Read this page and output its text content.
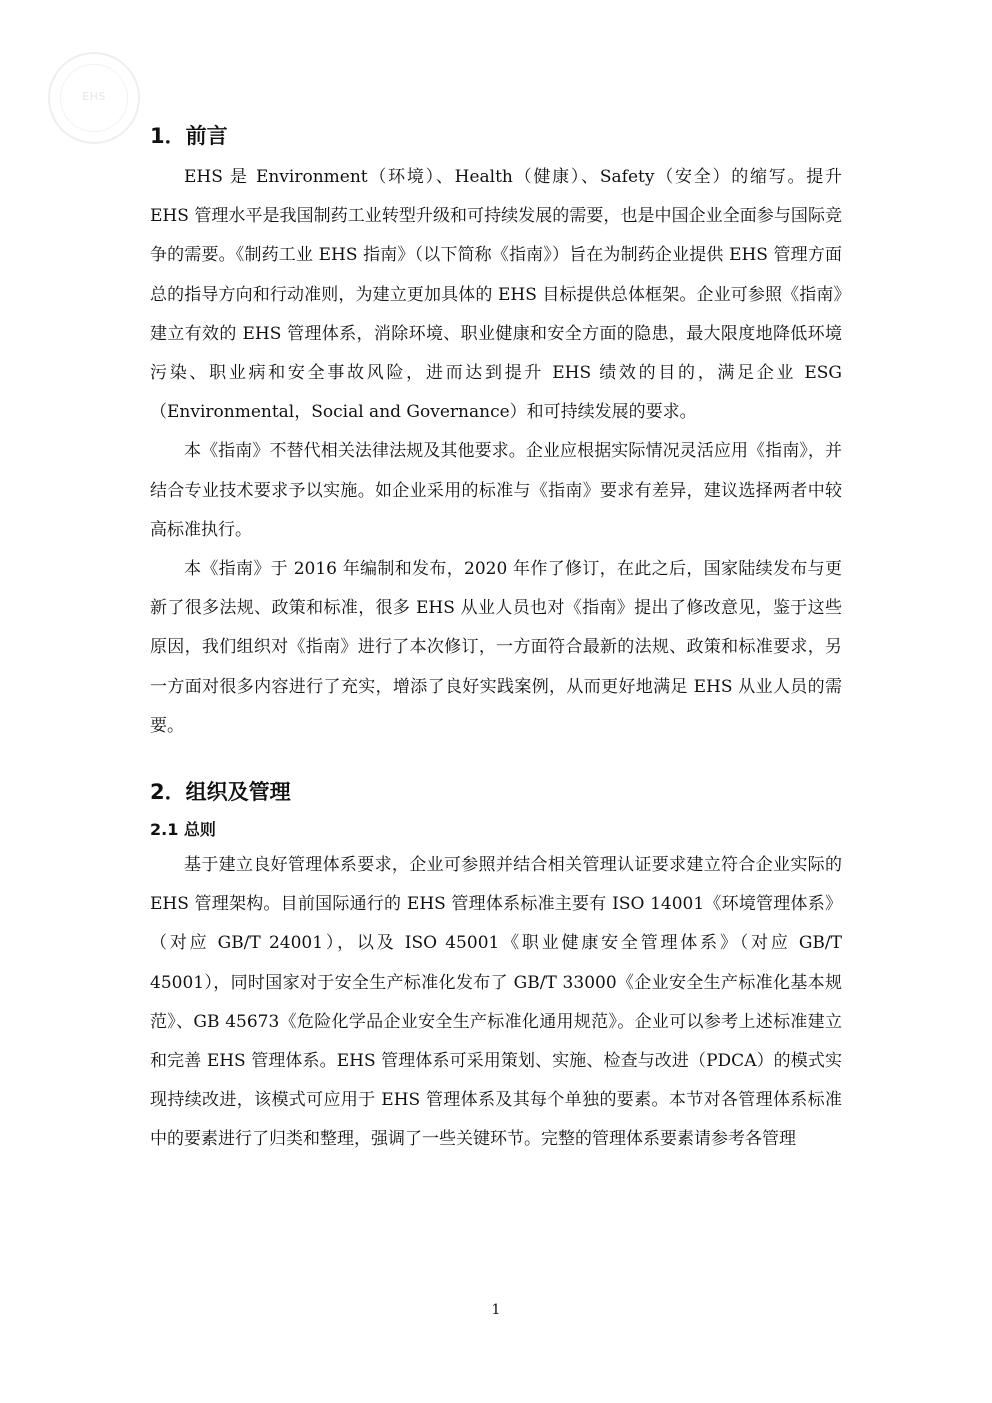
EHS
1．前言

EHS 是 Environment（环境）、Health（健康）、Safety（安全）的缩写。提升 EHS 管理水平是我国制药工业转型升级和可持续发展的需要，也是中国企业全面参与国际竞争的需要。《制药工业 EHS 指南》（以下简称《指南》）旨在为制药企业提供 EHS 管理方面总的指导方向和行动准则，为建立更加具体的 EHS 目标提供总体框架。企业可参照《指南》建立有效的 EHS 管理体系，消除环境、职业健康和安全方面的隐患，最大限度地降低环境污染、职业病和安全事故风险，进而达到提升 EHS 绩效的目的，满足企业 ESG（Environmental，Social and Governance）和可持续发展的要求。

本《指南》不替代相关法律法规及其他要求。企业应根据实际情况灵活应用《指南》，并结合专业技术要求予以实施。如企业采用的标准与《指南》要求有差异，建议选择两者中较高标准执行。

本《指南》于 2016 年编制和发布，2020 年作了修订，在此之后，国家陆续发布与更新了很多法规、政策和标准，很多 EHS 从业人员也对《指南》提出了修改意见，鉴于这些原因，我们组织对《指南》进行了本次修订，一方面符合最新的法规、政策和标准要求，另一方面对很多内容进行了充实，增添了良好实践案例，从而更好地满足 EHS 从业人员的需要。

2．组织及管理
2.1 总则

基于建立良好管理体系要求，企业可参照并结合相关管理认证要求建立符合企业实际的 EHS 管理架构。目前国际通行的 EHS 管理体系标准主要有 ISO 14001《环境管理体系》（对应 GB/T 24001），以及 ISO 45001《职业健康安全管理体系》（对应 GB/T 45001），同时国家对于安全生产标准化发布了 GB/T 33000《企业安全生产标准化基本规范》、GB 45673《危险化学品企业安全生产标准化通用规范》。企业可以参考上述标准建立和完善 EHS 管理体系。EHS 管理体系可采用策划、实施、检查与改进（PDCA）的模式实现持续改进，该模式可应用于 EHS 管理体系及其每个单独的要素。本节对各管理体系标准中的要素进行了归类和整理，强调了一些关键环节。完整的管理体系要素请参考各管理

1
